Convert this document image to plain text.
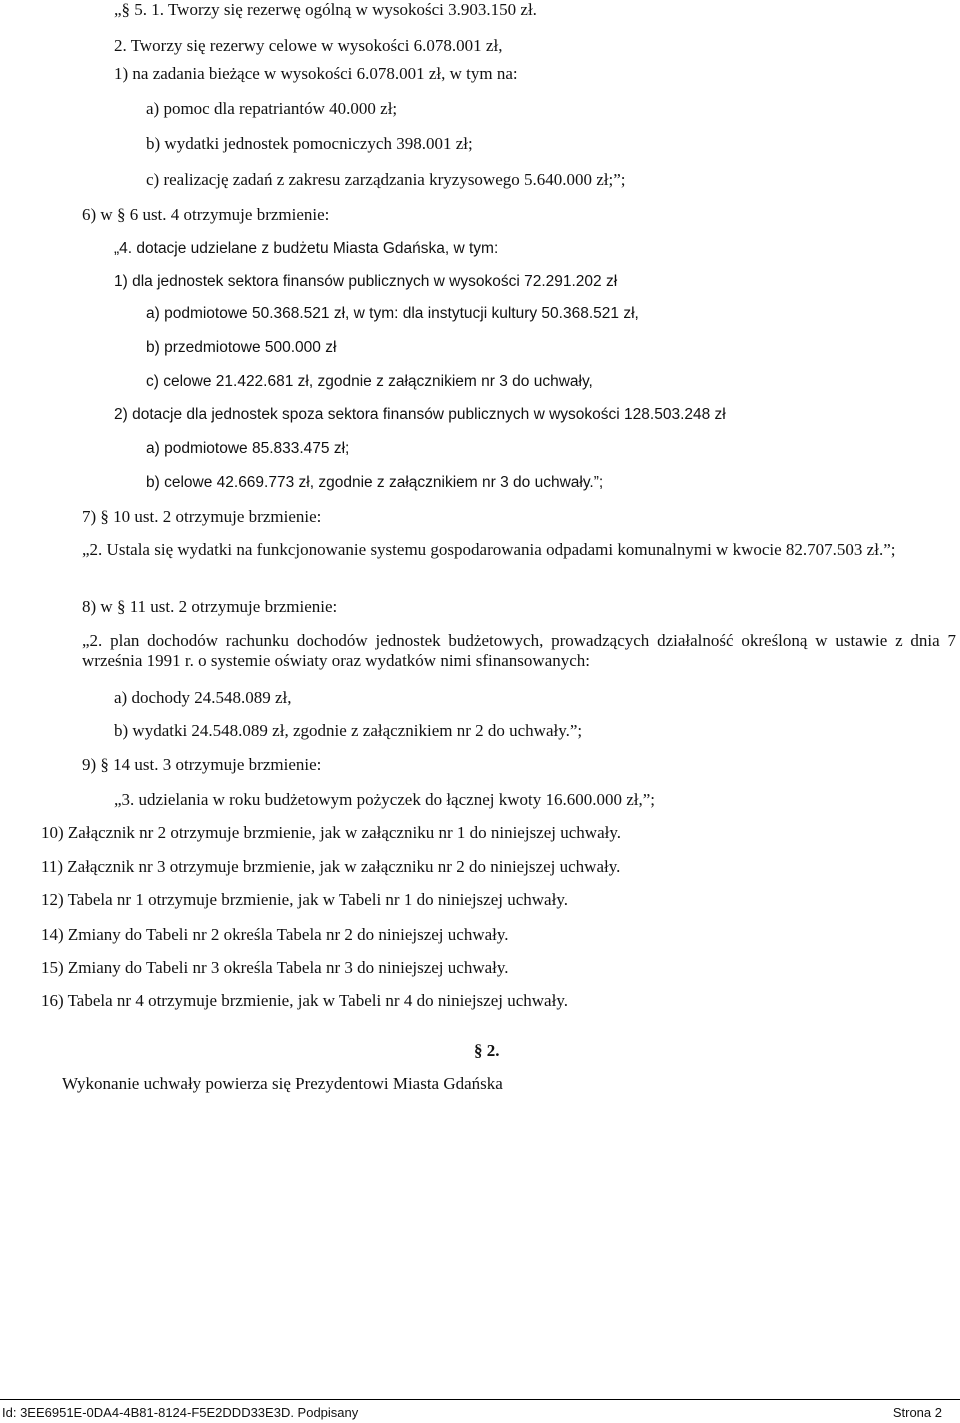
„§ 5. 1. Tworzy się rezerwę ogólną w wysokości 3.903.150 zł.
2. Tworzy się rezerwy celowe w wysokości 6.078.001 zł,
1) na zadania bieżące w wysokości 6.078.001 zł, w tym na:
a) pomoc dla repatriantów 40.000 zł;
b) wydatki jednostek pomocniczych 398.001 zł;
c) realizację zadań z zakresu zarządzania kryzysowego 5.640.000 zł;”;
6) w § 6 ust. 4 otrzymuje brzmienie:
„4. dotacje udzielane z budżetu Miasta Gdańska, w tym:
1) dla jednostek sektora finansów publicznych w wysokości 72.291.202 zł
a) podmiotowe 50.368.521 zł, w tym: dla instytucji kultury 50.368.521 zł,
b) przedmiotowe 500.000 zł
c) celowe 21.422.681 zł, zgodnie z załącznikiem nr 3 do uchwały,
2) dotacje dla jednostek spoza sektora finansów publicznych w wysokości 128.503.248 zł
a) podmiotowe 85.833.475 zł;
b) celowe 42.669.773 zł, zgodnie z załącznikiem nr 3 do uchwały.”;
7) § 10 ust. 2 otrzymuje brzmienie:
„2. Ustala się wydatki na funkcjonowanie systemu gospodarowania odpadami komunalnymi w kwocie 82.707.503 zł.”;
8) w § 11 ust. 2 otrzymuje brzmienie:
„2. plan dochodów rachunku dochodów jednostek budżetowych, prowadzących działalność określoną w ustawie z dnia 7 września 1991 r. o systemie oświaty oraz wydatków nimi sfinansowanych:
a) dochody 24.548.089 zł,
b) wydatki 24.548.089 zł, zgodnie z załącznikiem nr 2 do uchwały.”;
9) § 14 ust. 3 otrzymuje brzmienie:
„3. udzielania w roku budżetowym pożyczek do łącznej kwoty 16.600.000 zł,”;
10) Załącznik nr 2 otrzymuje brzmienie, jak w załączniku nr 1 do niniejszej uchwały.
11) Załącznik nr 3 otrzymuje brzmienie, jak w załączniku nr 2 do niniejszej uchwały.
12) Tabela nr 1 otrzymuje brzmienie, jak w Tabeli nr 1 do niniejszej uchwały.
14) Zmiany do Tabeli nr 2 określa Tabela nr 2 do niniejszej uchwały.
15) Zmiany do Tabeli nr 3 określa Tabela nr 3 do niniejszej uchwały.
16) Tabela nr 4 otrzymuje brzmienie, jak w Tabeli nr 4 do niniejszej uchwały.
§ 2.
Wykonanie uchwały powierza się Prezydentowi Miasta Gdańska
Id: 3EE6951E-0DA4-4B81-8124-F5E2DDD33E3D. Podpisany	Strona 2
